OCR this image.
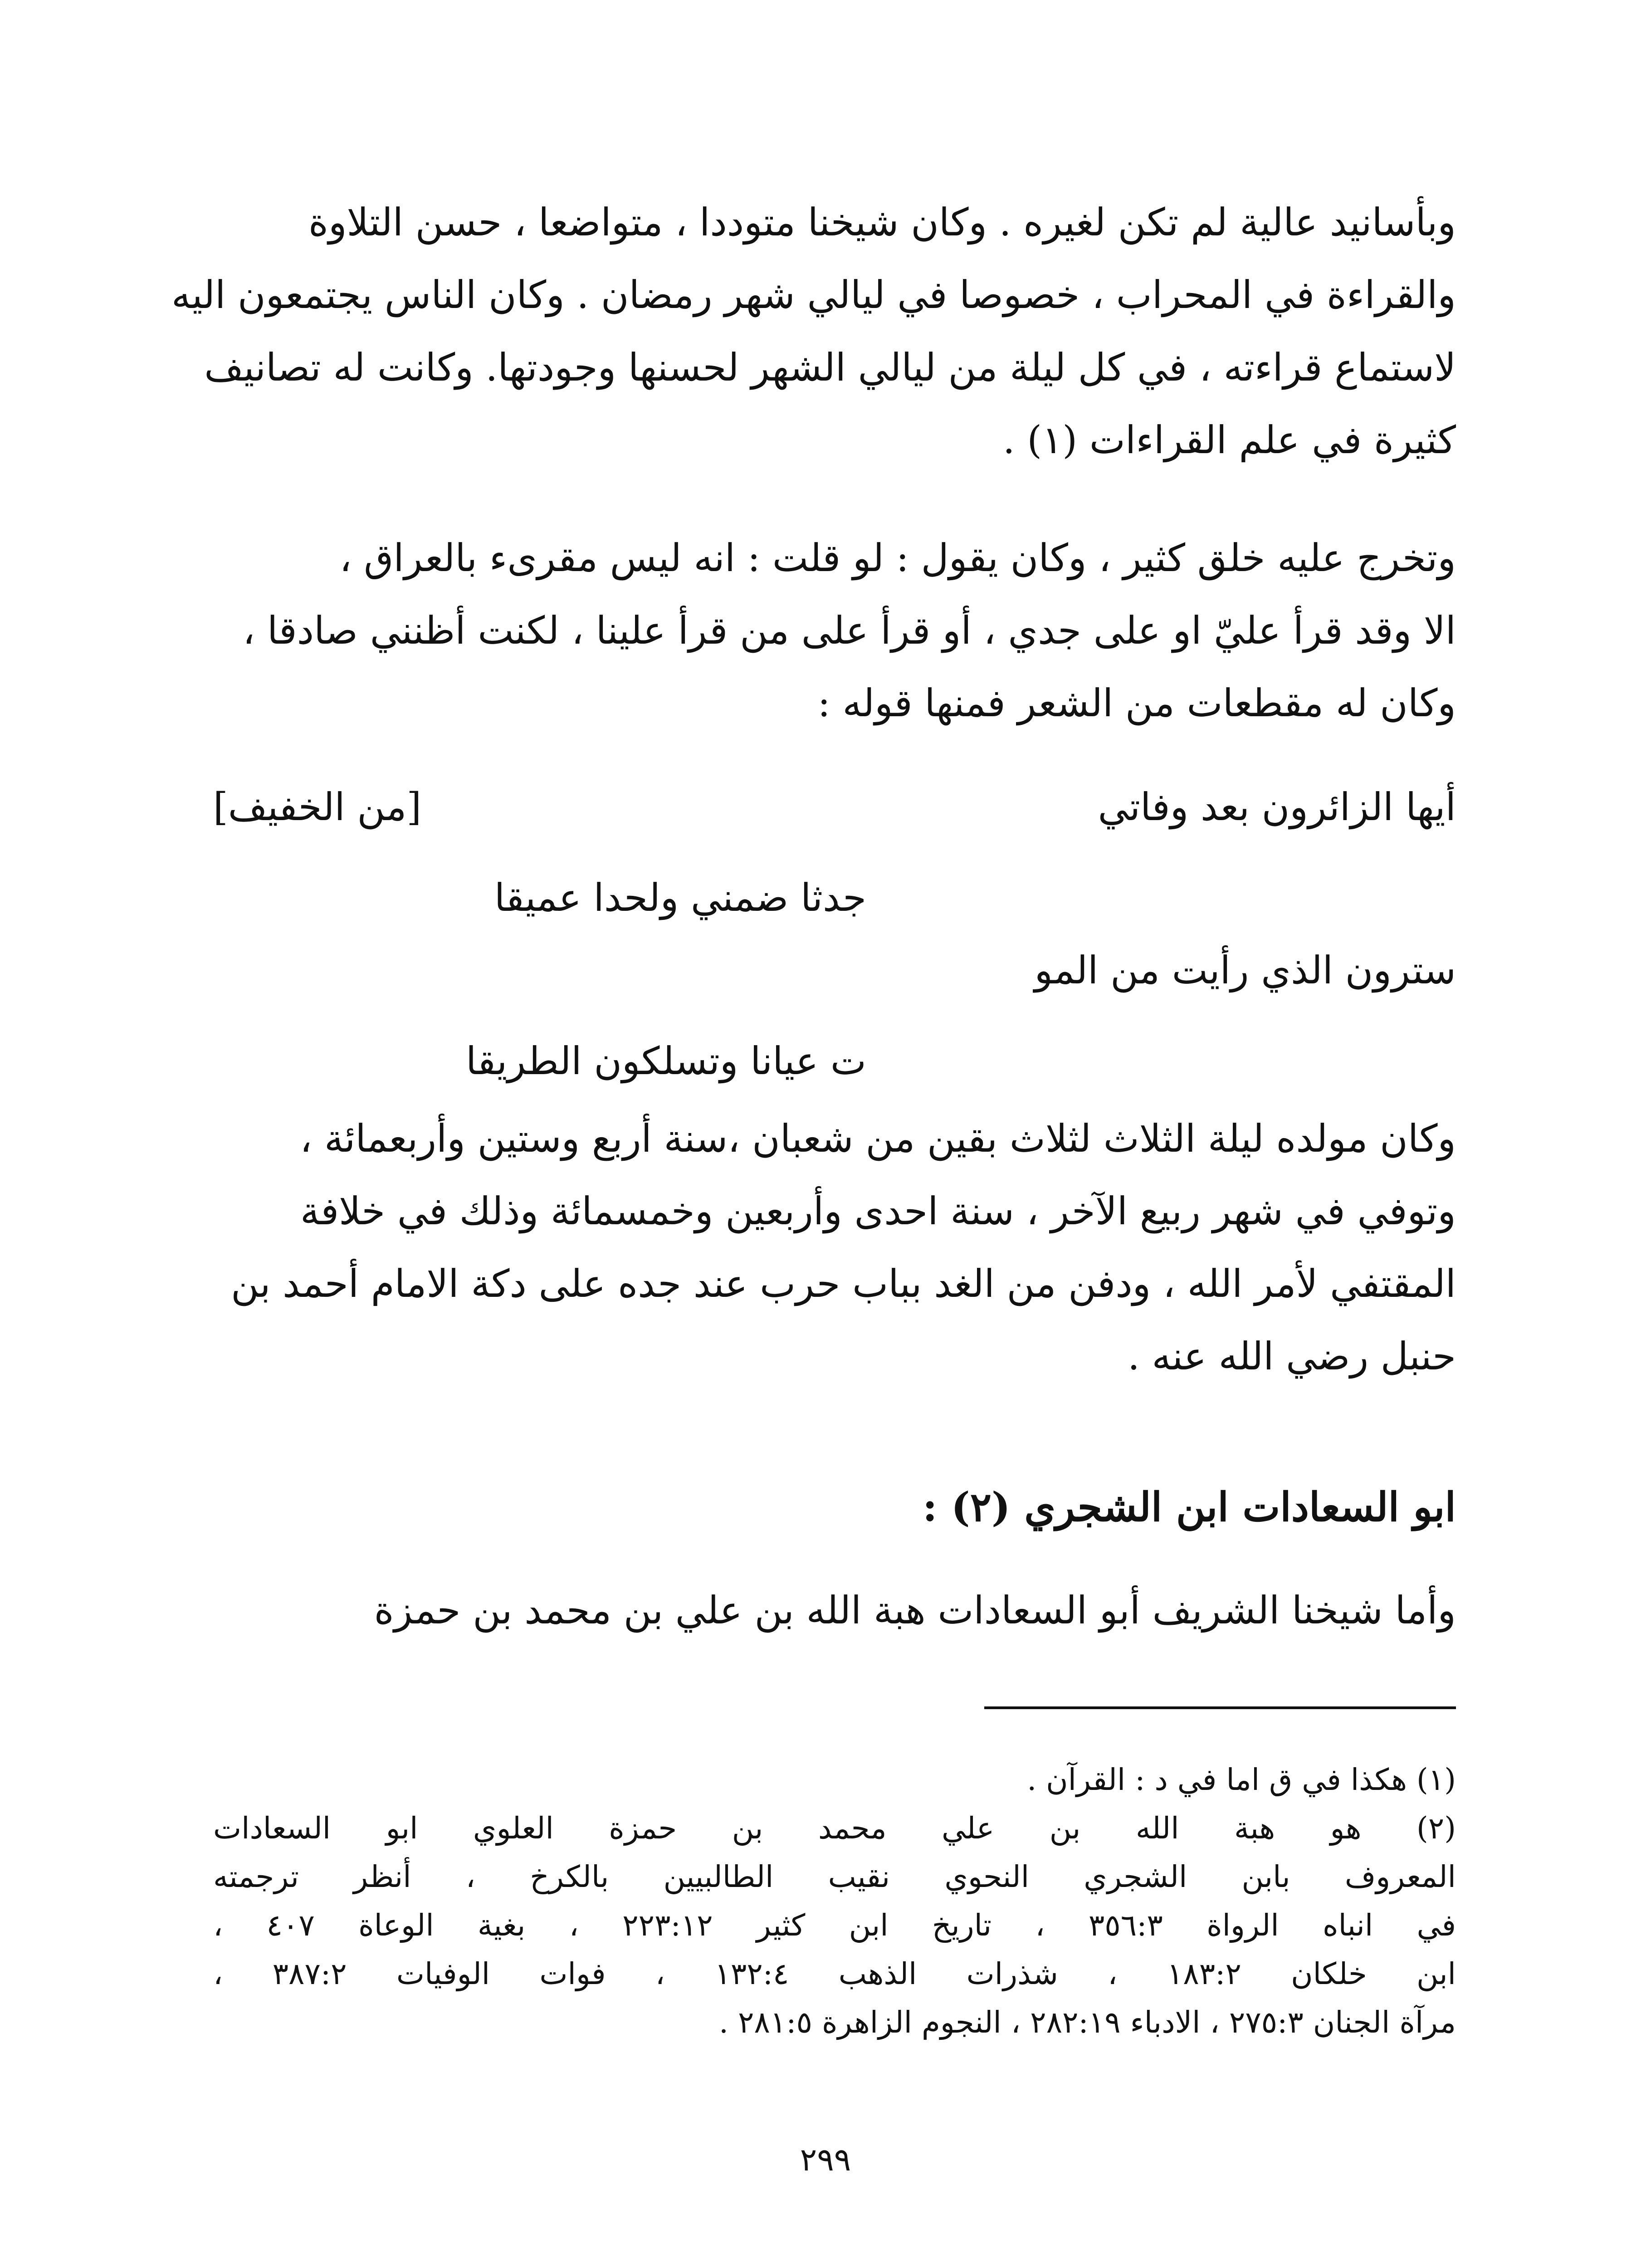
وبأسانيد عالية لم تكن لغيره . وكان شيخنا متوددا ، متواضعا ، حسن التلاوة
والقراءة في المحراب ، خصوصا في ليالي شهر رمضان . وكان الناس يجتمعون اليه
لاستماع قراءته ، في كل ليلة من ليالي الشهر لحسنها وجودتها. وكانت له تصانيف
كثيرة في علم القراءات (١) .
وتخرج عليه خلق كثير ، وكان يقول : لو قلت : انه ليس مقرىء بالعراق ،
الا وقد قرأ عليّ او على جدي ، أو قرأ على من قرأ علينا ، لكنت أظنني صادقا ،
وكان له مقطعات من الشعر فمنها قوله :
[من الخفيف]	أيها الزائرون بعد وفاتي
جدثا ضمني ولحدا عميقا
سترون الذي رأيت من المو
ت عيانا وتسلكون الطريقا
وكان مولده ليلة الثلاث لثلاث بقين من شعبان ،سنة أربع وستين وأربعمائة ،
وتوفي في شهر ربيع الآخر ، سنة احدى وأربعين وخمسمائة وذلك في خلافة
المقتفي لأمر الله ، ودفن من الغد بباب حرب عند جده على دكة الامام أحمد بن
حنبل رضي الله عنه .
ابو السعادات ابن الشجري (٢) :
وأما شيخنا الشريف أبو السعادات هبة الله بن علي بن محمد بن حمزة
(١) هكذا في ق اما في د : القرآن .
(٢) هو هبة الله بن علي محمد بن حمزة العلوي ابو السعادات
المعروف بابن الشجري النحوي نقيب الطالبيين بالكرخ ، أنظر ترجمته
في انباه الرواة ٣٥٦:٣ ، تاريخ ابن كثير ٢٢٣:١٢ ، بغية الوعاة ٤٠٧ ،
ابن خلكان ١٨٣:٢ ، شذرات الذهب ١٣٢:٤ ، فوات الوفيات ٣٨٧:٢ ،
مرآة الجنان ٢٧٥:٣ ، الادباء ٢٨٢:١٩ ، النجوم الزاهرة ٢٨١:٥ .
٢٩٩
